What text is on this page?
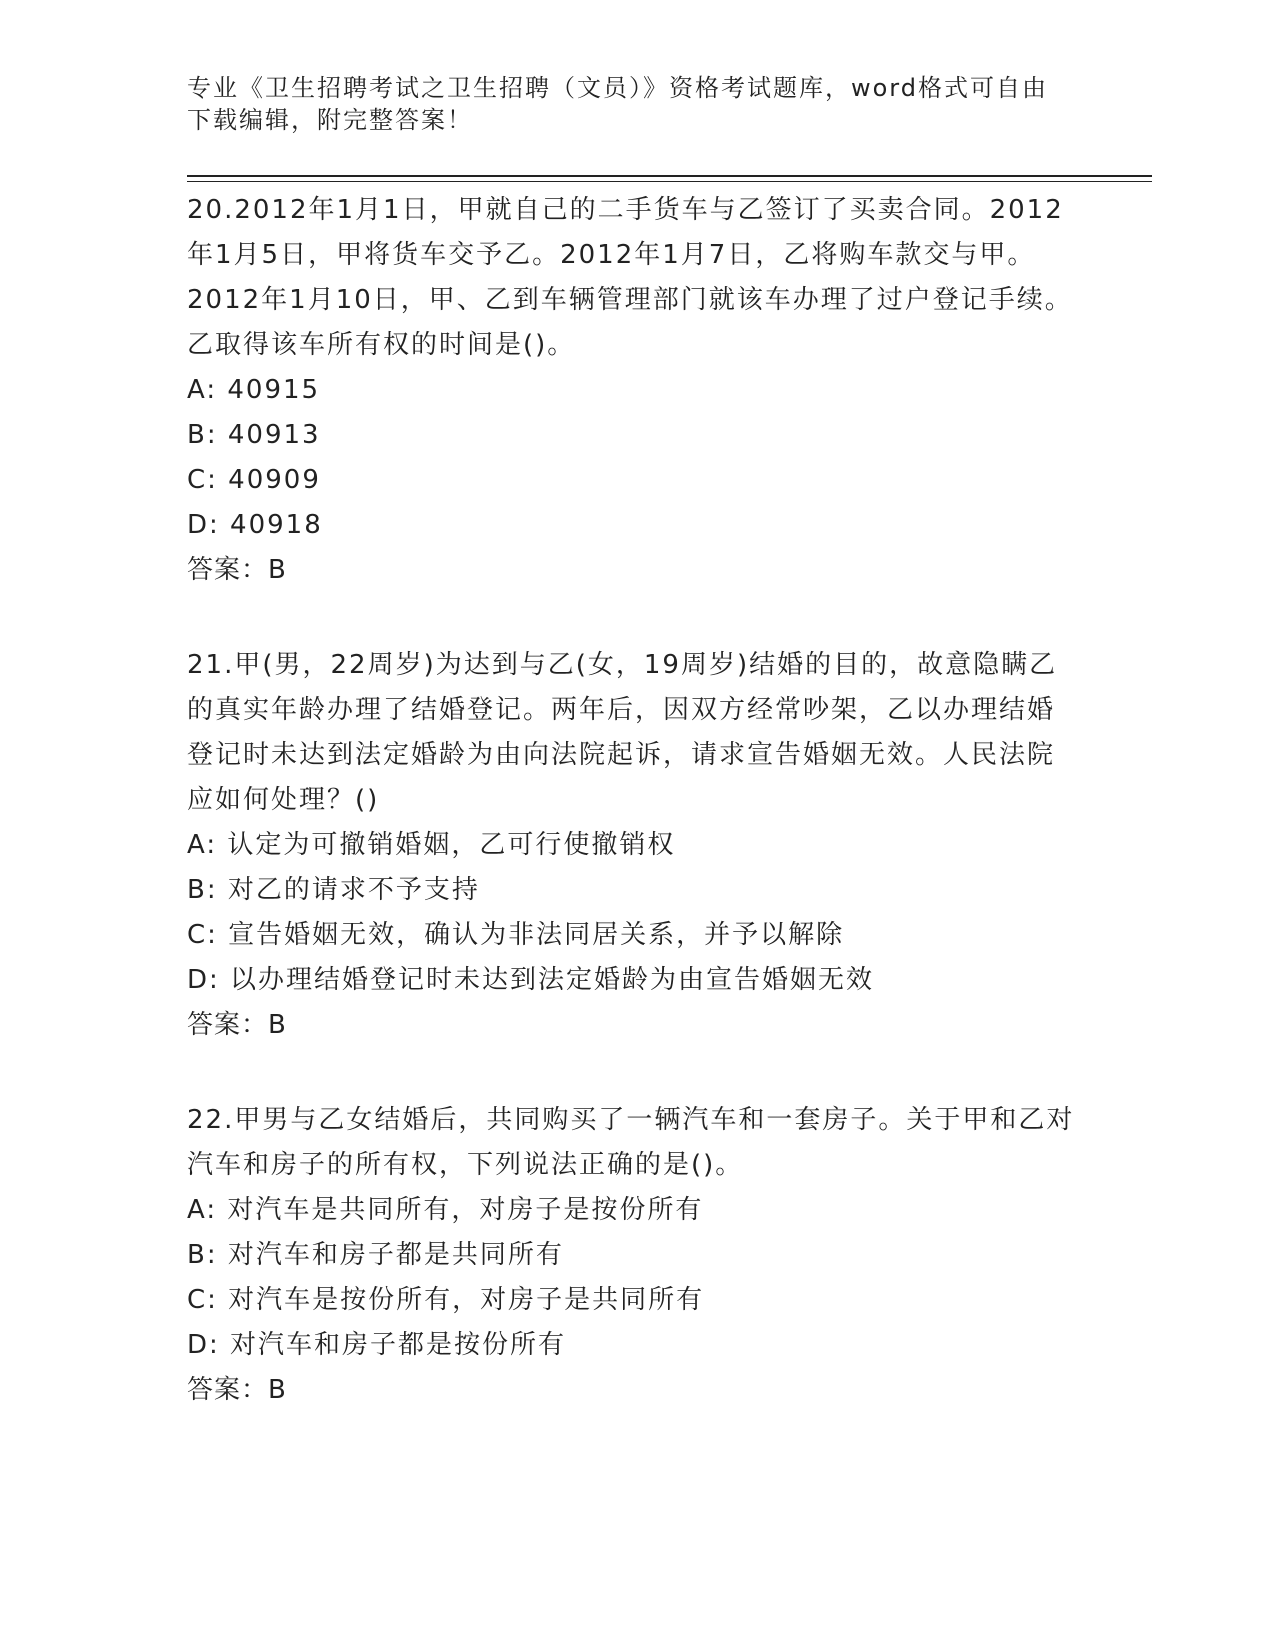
专业《卫生招聘考试之卫生招聘（文员）》资格考试题库，word格式可自由下载编辑，附完整答案！

20.2012年1月1日，甲就自己的二手货车与乙签订了买卖合同。2012年1月5日，甲将货车交予乙。2012年1月7日，乙将购车款交与甲。2012年1月10日，甲、乙到车辆管理部门就该车办理了过户登记手续。乙取得该车所有权的时间是()。

A: 40915

B: 40913

C: 40909

D: 40918

答案：B

21.甲(男，22周岁)为达到与乙(女，19周岁)结婚的目的，故意隐瞒乙的真实年龄办理了结婚登记。两年后，因双方经常吵架，乙以办理结婚登记时未达到法定婚龄为由向法院起诉，请求宣告婚姻无效。人民法院应如何处理？()

A: 认定为可撤销婚姻，乙可行使撤销权

B: 对乙的请求不予支持

C: 宣告婚姻无效，确认为非法同居关系，并予以解除

D: 以办理结婚登记时未达到法定婚龄为由宣告婚姻无效

答案：B

22.甲男与乙女结婚后，共同购买了一辆汽车和一套房子。关于甲和乙对汽车和房子的所有权，下列说法正确的是()。

A: 对汽车是共同所有，对房子是按份所有

B: 对汽车和房子都是共同所有

C: 对汽车是按份所有，对房子是共同所有

D: 对汽车和房子都是按份所有

答案：B
